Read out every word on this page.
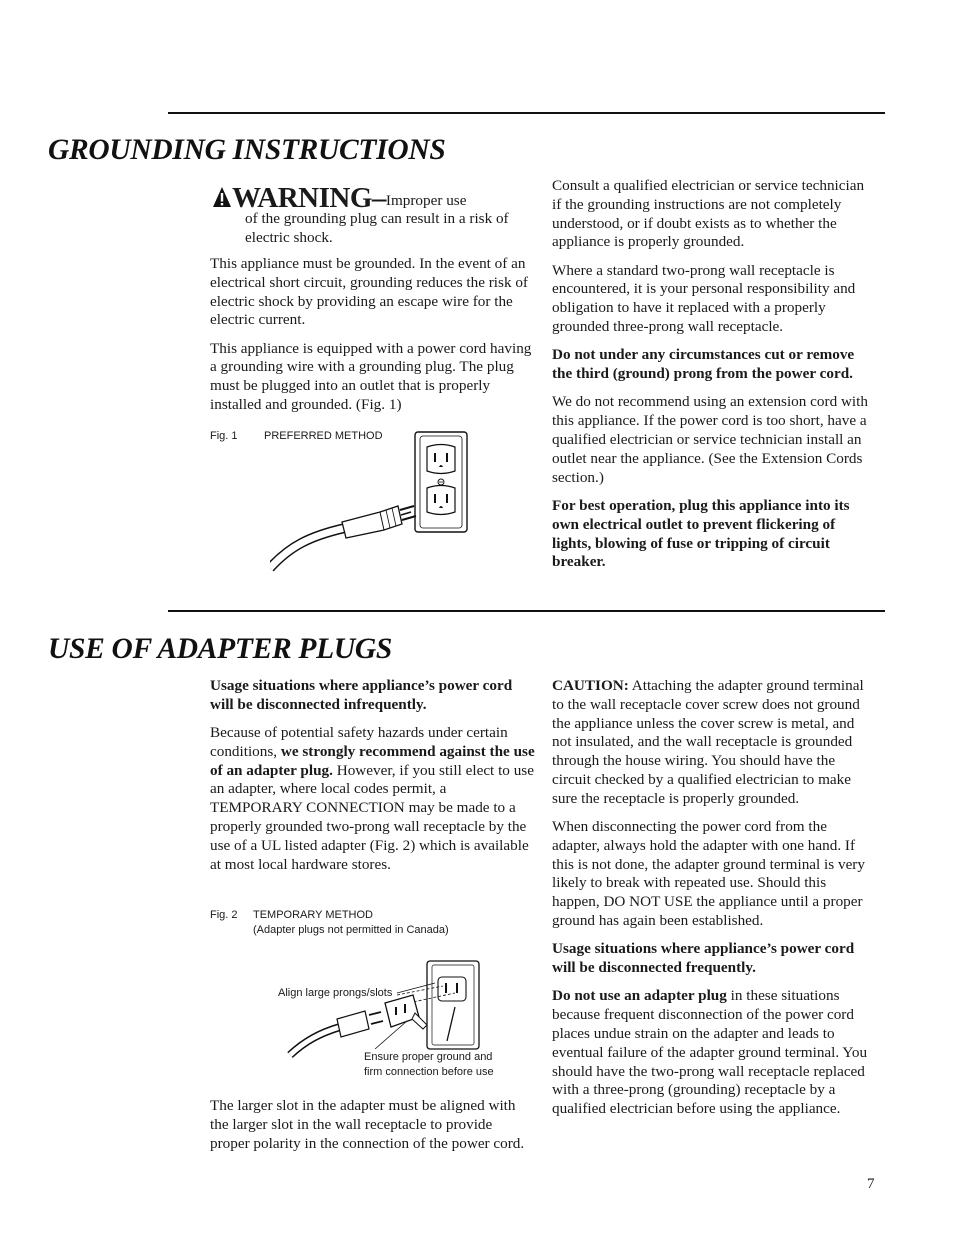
GROUNDING INSTRUCTIONS
WARNING–Improper use
of the grounding plug can result in a risk of electric shock.

This appliance must be grounded. In the event of an electrical short circuit, grounding reduces the risk of electric shock by providing an escape wire for the electric current.

This appliance is equipped with a power cord having a grounding wire with a grounding plug. The plug must be plugged into an outlet that is properly installed and grounded. (Fig. 1)

Fig. 1 PREFERRED METHOD

Consult a qualified electrician or service technician if the grounding instructions are not completely understood, or if doubt exists as to whether the appliance is properly grounded.

Where a standard two-prong wall receptacle is encountered, it is your personal responsibility and obligation to have it replaced with a properly grounded three-prong wall receptacle.

Do not under any circumstances cut or remove the third (ground) prong from the power cord.

We do not recommend using an extension cord with this appliance. If the power cord is too short, have a qualified electrician or service technician install an outlet near the appliance. (See the Extension Cords section.)

For best operation, plug this appliance into its own electrical outlet to prevent flickering of lights, blowing of fuse or tripping of circuit breaker.

USE OF ADAPTER PLUGS

Usage situations where appliance’s power cord will be disconnected infrequently.

Because of potential safety hazards under certain conditions, we strongly recommend against the use of an adapter plug. However, if you still elect to use an adapter, where local codes permit, a TEMPORARY CONNECTION may be made to a properly grounded two-prong wall receptacle by the use of a UL listed adapter (Fig. 2) which is available at most local hardware stores.

Fig. 2 TEMPORARY METHOD
(Adapter plugs not permitted in Canada)
Align large prongs/slots
Ensure proper ground and
firm connection before use

The larger slot in the adapter must be aligned with the larger slot in the wall receptacle to provide proper polarity in the connection of the power cord.

CAUTION: Attaching the adapter ground terminal to the wall receptacle cover screw does not ground the appliance unless the cover screw is metal, and not insulated, and the wall receptacle is grounded through the house wiring. You should have the circuit checked by a qualified electrician to make sure the receptacle is properly grounded.

When disconnecting the power cord from the adapter, always hold the adapter with one hand. If this is not done, the adapter ground terminal is very likely to break with repeated use. Should this happen, DO NOT USE the appliance until a proper ground has again been established.

Usage situations where appliance’s power cord will be disconnected frequently.

Do not use an adapter plug in these situations because frequent disconnection of the power cord places undue strain on the adapter and leads to eventual failure of the adapter ground terminal. You should have the two-prong wall receptacle replaced with a three-prong (grounding) receptacle by a qualified electrician before using the appliance.

7
